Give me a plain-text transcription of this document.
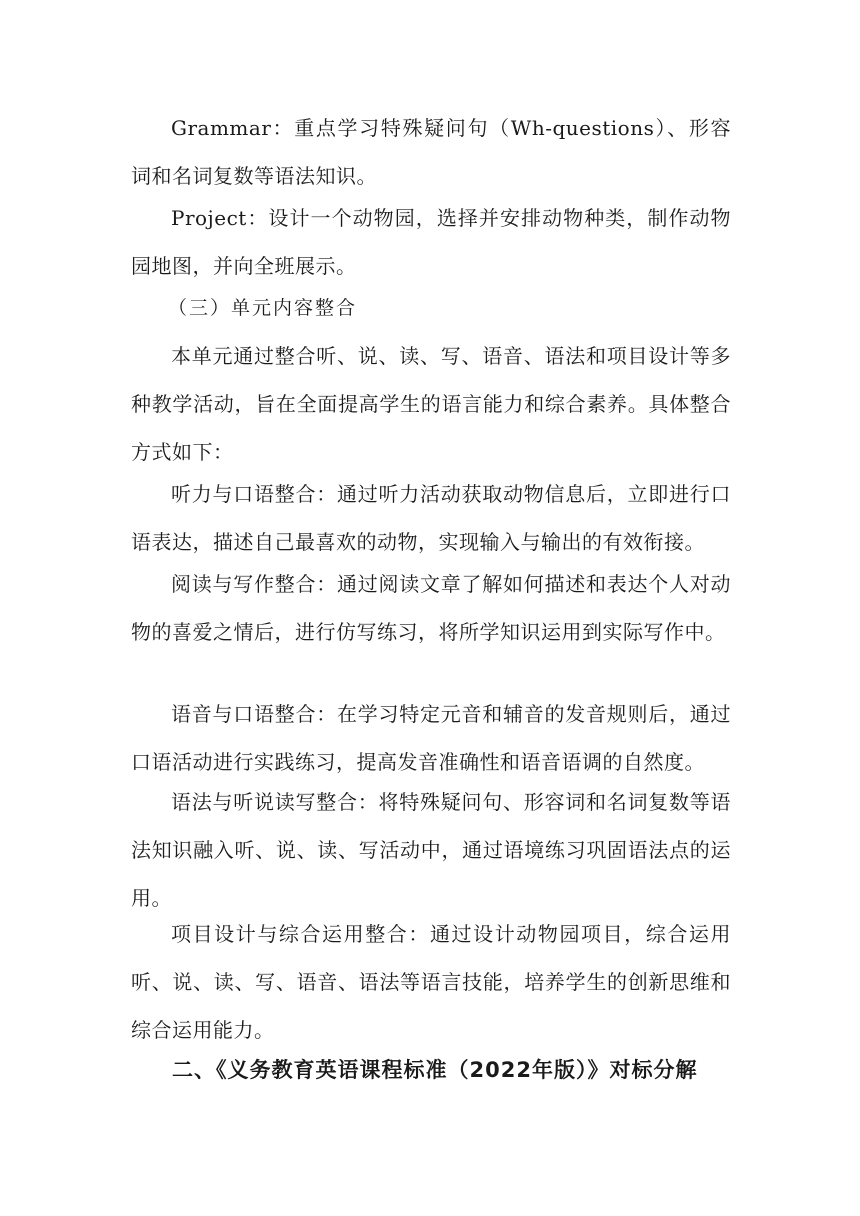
Grammar：重点学习特殊疑问句（Wh-questions）、形容词和名词复数等语法知识。

Project：设计一个动物园，选择并安排动物种类，制作动物园地图，并向全班展示。

（三）单元内容整合

本单元通过整合听、说、读、写、语音、语法和项目设计等多种教学活动，旨在全面提高学生的语言能力和综合素养。具体整合方式如下：

听力与口语整合：通过听力活动获取动物信息后，立即进行口语表达，描述自己最喜欢的动物，实现输入与输出的有效衔接。

阅读与写作整合：通过阅读文章了解如何描述和表达个人对动物的喜爱之情后，进行仿写练习，将所学知识运用到实际写作中。

语音与口语整合：在学习特定元音和辅音的发音规则后，通过口语活动进行实践练习，提高发音准确性和语音语调的自然度。

语法与听说读写整合：将特殊疑问句、形容词和名词复数等语法知识融入听、说、读、写活动中，通过语境练习巩固语法点的运用。

项目设计与综合运用整合：通过设计动物园项目，综合运用听、说、读、写、语音、语法等语言技能，培养学生的创新思维和综合运用能力。

二、《义务教育英语课程标准（2022年版）》对标分解
